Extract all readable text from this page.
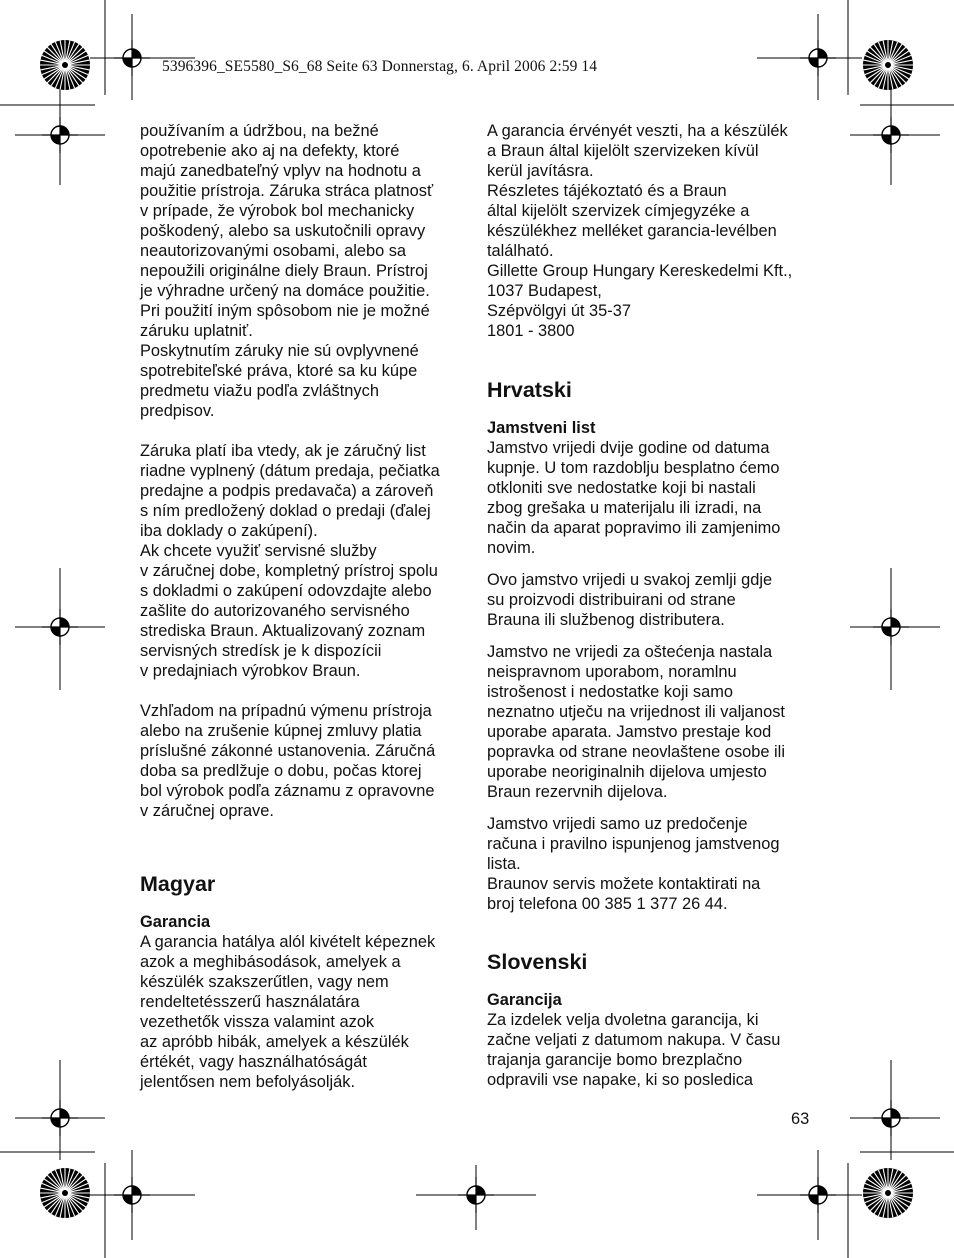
5396396_SE5580_S6_68 Seite 63 Donnerstag, 6. April 2006 2:59 14

používaním a údržbou, na bežné
opotrebenie ako aj na defekty, ktoré
majú zanedbateľný vplyv na hodnotu a
použitie prístroja. Záruka stráca platnosť
v prípade, že výrobok bol mechanicky
poškodený, alebo sa uskutočnili opravy
neautorizovanými osobami, alebo sa
nepoužili originálne diely Braun. Prístroj
je výhradne určený na domáce použitie.
Pri použití iným spôsobom nie je možné
záruku uplatniť.
Poskytnutím záruky nie sú ovplyvnené
spotrebiteľské práva, ktoré sa ku kúpe
predmetu viažu podľa zvláštnych
predpisov.

Záruka platí iba vtedy, ak je záručný list
riadne vyplnený (dátum predaja, pečiatka
predajne a podpis predavača) a zároveň
s ním predložený doklad o predaji (ďalej
iba doklady o zakúpení).
Ak chcete využiť servisné služby
v záručnej dobe, kompletný prístroj spolu
s dokladmi o zakúpení odovzdajte alebo
zašlite do autorizovaného servisného
strediska Braun. Aktualizovaný zoznam
servisných stredísk je k dispozícii
v predajniach výrobkov Braun.

Vzhľadom na prípadnú výmenu prístroja
alebo na zrušenie kúpnej zmluvy platia
príslušné zákonné ustanovenia. Záručná
doba sa predlžuje o dobu, počas ktorej
bol výrobok podľa záznamu z opravovne
v záručnej oprave.

Magyar
Garancia

A garancia hatálya alól kivételt képeznek
azok a meghibásodások, amelyek a
készülék szakszerűtlen, vagy nem
rendeltetésszerű használatára
vezethetők vissza valamint azok
az apróbb hibák, amelyek a készülék
értékét, vagy használhatóságát
jelentősen nem befolyásolják.

A garancia érvényét veszti, ha a készülék
a Braun által kijelölt szervizeken kívül
kerül javításra.
Részletes tájékoztató és a Braun
által kijelölt szervizek címjegyzéke a
készülékhez melléket garancia-levélben
található.
Gillette Group Hungary Kereskedelmi Kft.,
1037 Budapest,
Szépvölgyi út 35-37
1801 - 3800

Hrvatski
Jamstveni list

Jamstvo vrijedi dvije godine od datuma
kupnje. U tom razdoblju besplatno ćemo
otkloniti sve nedostatke koji bi nastali
zbog grešaka u materijalu ili izradi, na
način da aparat popravimo ili zamjenimo
novim.

Ovo jamstvo vrijedi u svakoj zemlji gdje
su proizvodi distribuirani od strane
Brauna ili službenog distributera.

Jamstvo ne vrijedi za oštećenja nastala
neispravnom uporabom, noramlnu
istrošenost i nedostatke koji samo
neznatno utječu na vrijednost ili valjanost
uporabe aparata. Jamstvo prestaje kod
popravka od strane neovlaštene osobe ili
uporabe neoriginalnih dijelova umjesto
Braun rezervnih dijelova.

Jamstvo vrijedi samo uz predočenje
računa i pravilno ispunjenog jamstvenog
lista.
Braunov servis možete kontaktirati na
broj telefona 00 385 1 377 26 44.

Slovenski
Garancija

Za izdelek velja dvoletna garancija, ki
začne veljati z datumom nakupa. V času
trajanja garancije bomo brezplačno
odpravili vse napake, ki so posledica

63
